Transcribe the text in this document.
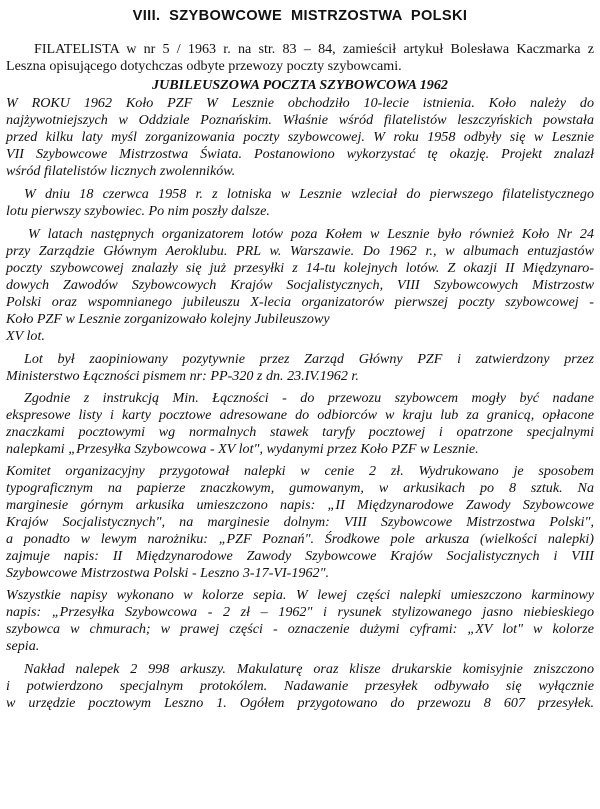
VIII.  SZYBOWCOWE  MISTRZOSTWA  POLSKI
FILATELISTA w nr 5 / 1963 r. na str. 83 – 84, zamieścił artykuł Bolesława Kaczmarka z
Leszna opisującego dotychczas odbyte przewozy poczty szybowcami.
JUBILEUSZOWA POCZTA SZYBOWCOWA 1962
W ROKU 1962 Koło PZF W Lesznie obchodziło 10-lecie istnienia. Koło należy do
najżywotniejszych w Oddziale Poznańskim. Właśnie wśród filatelistów leszczyńskich powstała
przed kilku laty myśl zorganizowania poczty szybowcowej. W roku 1958 odbyły się w Lesznie
VII Szybowcowe Mistrzostwa Świata. Postanowiono wykorzystać tę okazję. Projekt znalazł
wśród filatelistów licznych zwolenników.
W dniu 18 czerwca 1958 r. z lotniska w Lesznie wzleciał do pierwszego filatelistycznego
lotu pierwszy szybowiec. Po nim poszły dalsze.
W latach następnych organizatorem lotów poza Kołem w Lesznie było również Koło Nr 24
przy Zarządzie Głównym Aeroklubu. PRL w. Warszawie. Do 1962 r., w albumach entuzjastów
poczty szybowcowej znalazły się już przesyłki z 14-tu kolejnych lotów. Z okazji II Międzynaro-
dowych Zawodów Szybowcowych Krajów Socjalistycznych, VIII Szybowcowych Mistrzostw
Polski oraz wspomnianego jubileuszu X-lecia organizatorów pierwszej poczty szybowcowej -
Koło PZF w Lesznie zorganizowało kolejny Jubileuszowy
XV lot.
Lot był zaopiniowany pozytywnie przez Zarząd Główny PZF i zatwierdzony przez
Ministerstwo Łączności pismem nr: PP-320 z dn. 23.IV.1962 r.
Zgodnie z instrukcją Min. Łączności - do przewozu szybowcem mogły być nadane
ekspresowe listy i karty pocztowe adresowane do odbiorców w kraju lub za granicą, opłacone
znaczkami pocztowymi wg normalnych stawek taryfy pocztowej i opatrzone specjalnymi
nalepkami „Przesyłka Szybowcowa - XV lot", wydanymi przez Koło PZF w Lesznie.
Komitet organizacyjny przygotował nalepki w cenie 2 zł. Wydrukowano je sposobem
typograficznym na papierze znaczkowym, gumowanym, w arkusikach po 8 sztuk. Na
marginesie górnym arkusika umieszczono napis: „II Międzynarodowe Zawody Szybowcowe
Krajów Socjalistycznych", na marginesie dolnym: VIII Szybowcowe Mistrzostwa Polski",
a ponadto w lewym narożniku: „PZF Poznań". Środkowe pole arkusza (wielkości nalepki)
zajmuje napis: II Międzynarodowe Zawody Szybowcowe Krajów Socjalistycznych i VIII
Szybowcowe Mistrzostwa Polski - Leszno 3-17-VI-1962".
Wszystkie napisy wykonano w kolorze sepia. W lewej części nalepki umieszczono karminowy
napis: „Przesyłka Szybowcowa - 2 zł – 1962" i rysunek stylizowanego jasno niebieskiego
szybowca w chmurach; w prawej części - oznaczenie dużymi cyframi: „XV lot" w kolorze
sepia.
Nakład nalepek 2 998 arkuszy. Makulaturę oraz klisze drukarskie komisyjnie zniszczono
i potwierdzono specjalnym protokólem. Nadawanie przesyłek odbywało się wyłącznie
w urzędzie pocztowym Leszno 1. Ogółem przygotowano do przewozu 8 607 przesyłek.
